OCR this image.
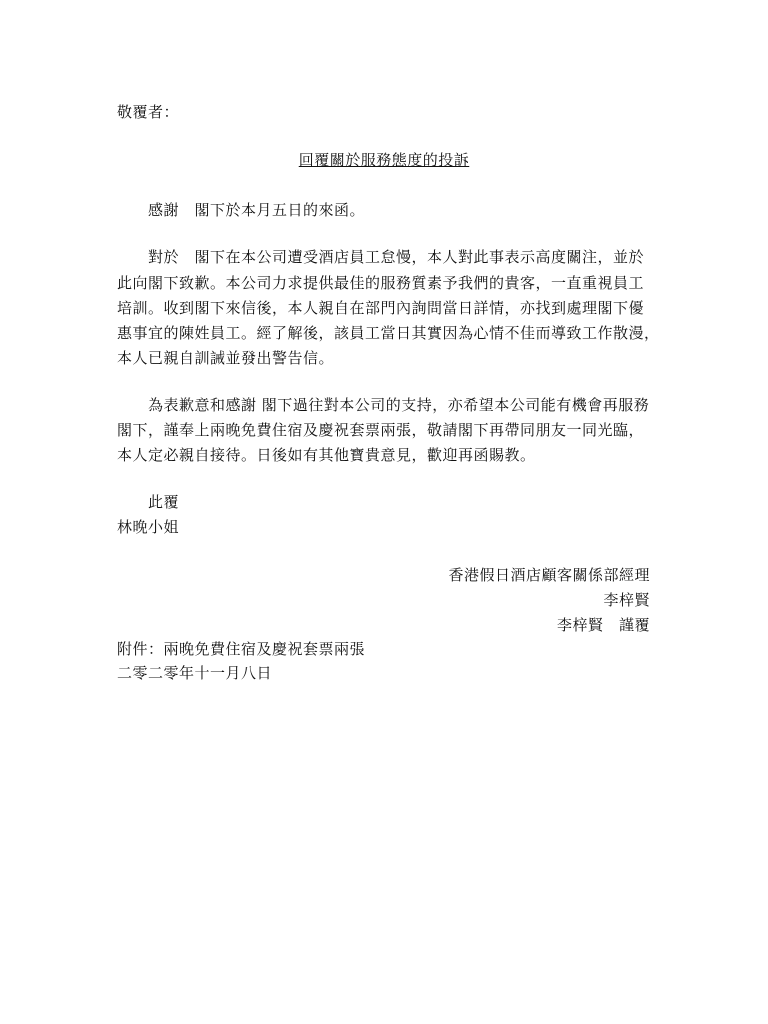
敬覆者：
回覆關於服務態度的投訴
感謝　閣下於本月五日的來函。
對於　閣下在本公司遭受酒店員工怠慢，本人對此事表示高度關注，並於
此向閣下致歉。本公司力求提供最佳的服務質素予我們的貴客，一直重視員工
培訓。收到閣下來信後，本人親自在部門內詢問當日詳情，亦找到處理閣下優
惠事宜的陳姓員工。經了解後，該員工當日其實因為心情不佳而導致工作散漫，
本人已親自訓誡並發出警告信。
為表歉意和感謝 閣下過往對本公司的支持，亦希望本公司能有機會再服務
閣下，謹奉上兩晚免費住宿及慶祝套票兩張，敬請閣下再帶同朋友一同光臨，
本人定必親自接待。日後如有其他寶貴意見，歡迎再函賜教。
此覆
林晚小姐
香港假日酒店顧客關係部經理
李梓賢
李梓賢　謹覆
附件：兩晚免費住宿及慶祝套票兩張
二零二零年十一月八日
